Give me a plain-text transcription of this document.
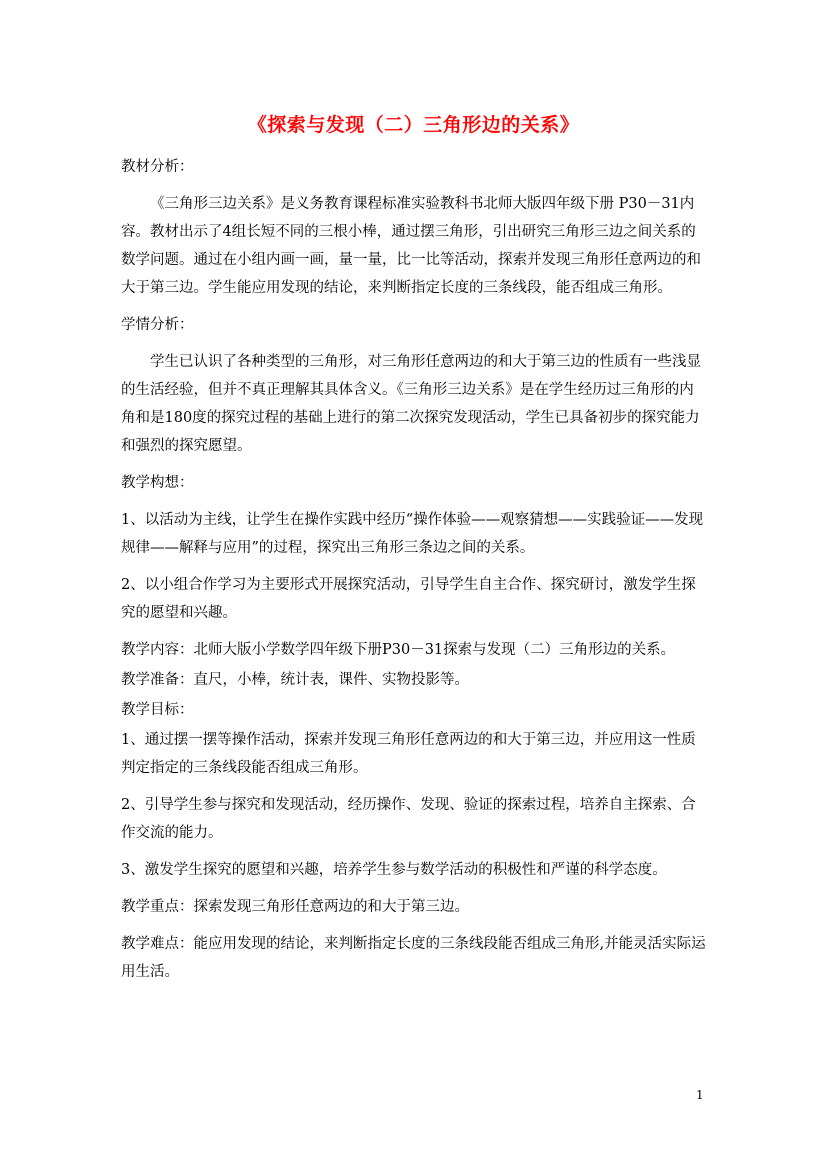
《探索与发现（二）三角形边的关系》

教材分析：

《三角形三边关系》是义务教育课程标准实验教科书北师大版四年级下册 P30－31内容。教材出示了4组长短不同的三根小棒，通过摆三角形，引出研究三角形三边之间关系的数学问题。通过在小组内画一画，量一量，比一比等活动，探索并发现三角形任意两边的和大于第三边。学生能应用发现的结论，来判断指定长度的三条线段，能否组成三角形。

学情分析：

学生已认识了各种类型的三角形，对三角形任意两边的和大于第三边的性质有一些浅显的生活经验，但并不真正理解其具体含义。《三角形三边关系》是在学生经历过三角形的内角和是180度的探究过程的基础上进行的第二次探究发现活动，学生已具备初步的探究能力和强烈的探究愿望。

教学构想：

1、以活动为主线，让学生在操作实践中经历“操作体验——观察猜想——实践验证——发现规律——解释与应用”的过程，探究出三角形三条边之间的关系。

2、以小组合作学习为主要形式开展探究活动，引导学生自主合作、探究研讨，激发学生探究的愿望和兴趣。

教学内容：北师大版小学数学四年级下册P30－31探索与发现（二）三角形边的关系。

教学准备：直尺，小棒，统计表，课件、实物投影等。

教学目标：

1、通过摆一摆等操作活动，探索并发现三角形任意两边的和大于第三边，并应用这一性质判定指定的三条线段能否组成三角形。

2、引导学生参与探究和发现活动，经历操作、发现、验证的探索过程，培养自主探索、合作交流的能力。

3、激发学生探究的愿望和兴趣，培养学生参与数学活动的积极性和严谨的科学态度。

教学重点：探索发现三角形任意两边的和大于第三边。

教学难点：能应用发现的结论，来判断指定长度的三条线段能否组成三角形,并能灵活实际运用生活。

1
